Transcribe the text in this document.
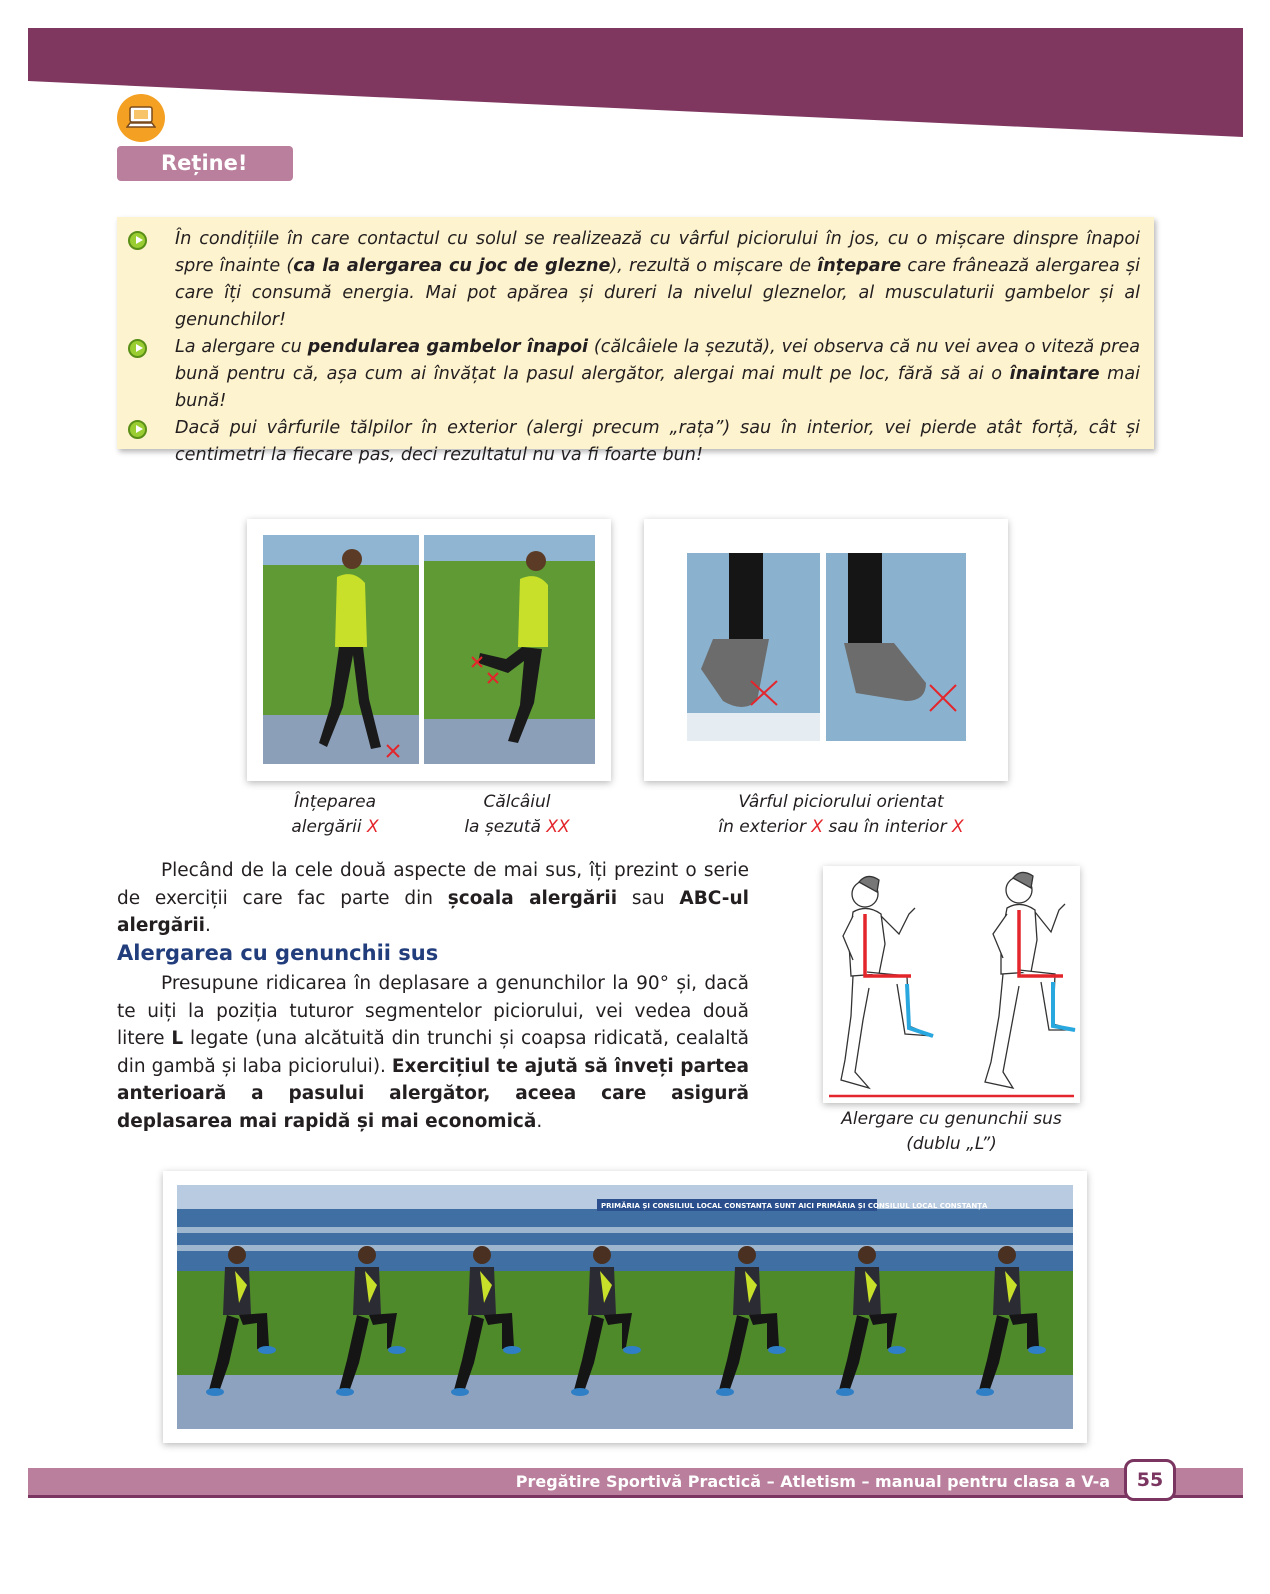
Reține!
În condițiile în care contactul cu solul se realizează cu vârful piciorului în jos, cu o mișcare dinspre înapoi spre înainte (ca la alergarea cu joc de glezne), rezultă o mișcare de înțepare care frânează alergarea și care îți consumă energia. Mai pot apărea și dureri la nivelul gleznelor, al musculaturii gambelor și al genunchilor!
La alergare cu pendularea gambelor înapoi (călcâiele la șezută), vei observa că nu vei avea o viteză prea bună pentru că, așa cum ai învățat la pasul alergător, alergai mai mult pe loc, fără să ai o înaintare mai bună!
Dacă pui vârfurile tălpilor în exterior (alergi precum „rața”) sau în interior, vei pierde atât forță, cât și centimetri la fiecare pas, deci rezultatul nu va fi foarte bun!
Înțeparea
alergării X
Călcâiul
la șezută XX
Vârful piciorului orientat
în exterior X sau în interior X
Plecând de la cele două aspecte de mai sus, îți prezint o serie de exerciții care fac parte din școala alergării sau ABC-ul alergării.
Alergarea cu genunchii sus
Presupune ridicarea în deplasare a genunchilor la 90° și, dacă te uiți la poziția tuturor segmentelor piciorului, vei vedea două litere L legate (una alcătuită din trunchi și coapsa ridicată, cealaltă din gambă și laba piciorului). Exercițiul te ajută să înveți partea anterioară a pasului alergător, aceea care asigură deplasarea mai rapidă și mai economică.	Alergare cu genunchii sus
(dublu „L”)
PRIMĂRIA ȘI CONSILIUL LOCAL CONSTANȚA SUNT AICI PRIMĂRIA ȘI CONSILIUL LOCAL CONSTANȚA
Pregătire Sportivă Practică – Atletism – manual pentru clasa a V-a	55
